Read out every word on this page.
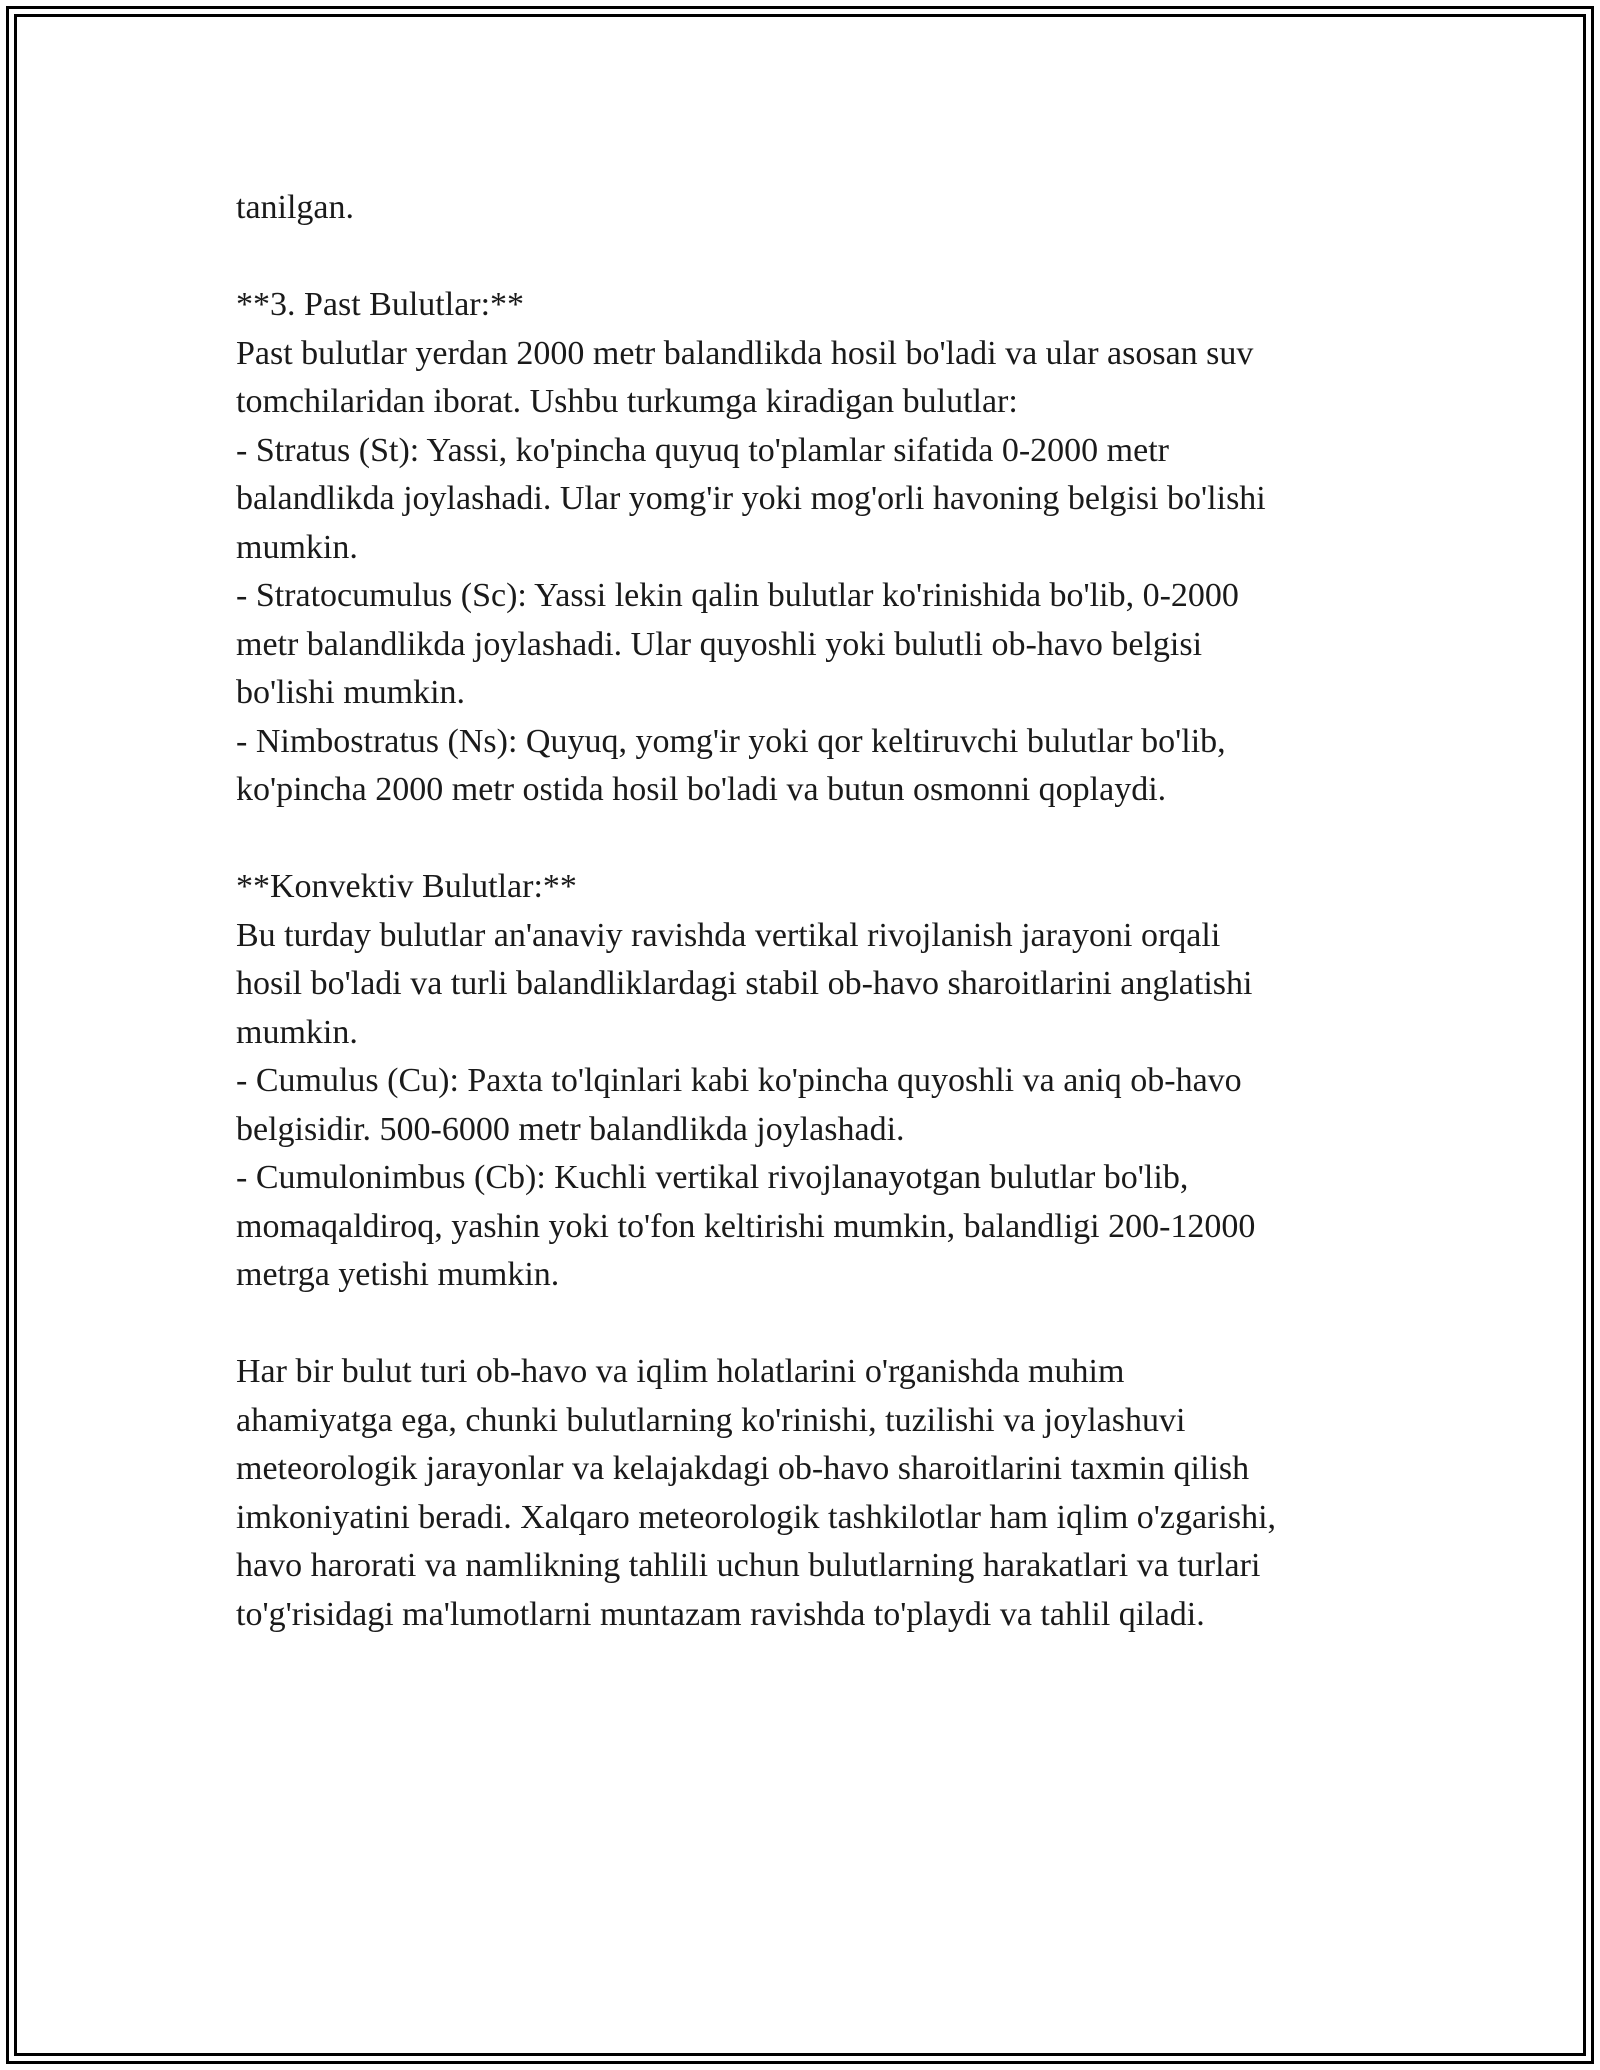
tanilgan.
**3. Past Bulutlar:**
Past bulutlar yerdan 2000 metr balandlikda hosil bo'ladi va ular asosan suv
tomchilaridan iborat. Ushbu turkumga kiradigan bulutlar:
- Stratus (St): Yassi, ko'pincha quyuq to'plamlar sifatida 0-2000 metr
balandlikda joylashadi. Ular yomg'ir yoki mog'orli havoning belgisi bo'lishi
mumkin.
- Stratocumulus (Sc): Yassi lekin qalin bulutlar ko'rinishida bo'lib, 0-2000
metr balandlikda joylashadi. Ular quyoshli yoki bulutli ob-havo belgisi
bo'lishi mumkin.
- Nimbostratus (Ns): Quyuq, yomg'ir yoki qor keltiruvchi bulutlar bo'lib,
ko'pincha 2000 metr ostida hosil bo'ladi va butun osmonni qoplaydi.
**Konvektiv Bulutlar:**
Bu turday bulutlar an'anaviy ravishda vertikal rivojlanish jarayoni orqali
hosil bo'ladi va turli balandliklardagi stabil ob-havo sharoitlarini anglatishi
mumkin.
- Cumulus (Cu): Paxta to'lqinlari kabi ko'pincha quyoshli va aniq ob-havo
belgisidir. 500-6000 metr balandlikda joylashadi.
- Cumulonimbus (Cb): Kuchli vertikal rivojlanayotgan bulutlar bo'lib,
momaqaldiroq, yashin yoki to'fon keltirishi mumkin, balandligi 200-12000
metrga yetishi mumkin.
Har bir bulut turi ob-havo va iqlim holatlarini o'rganishda muhim
ahamiyatga ega, chunki bulutlarning ko'rinishi, tuzilishi va joylashuvi
meteorologik jarayonlar va kelajakdagi ob-havo sharoitlarini taxmin qilish
imkoniyatini beradi. Xalqaro meteorologik tashkilotlar ham iqlim o'zgarishi,
havo harorati va namlikning tahlili uchun bulutlarning harakatlari va turlari
to'g'risidagi ma'lumotlarni muntazam ravishda to'playdi va tahlil qiladi.
